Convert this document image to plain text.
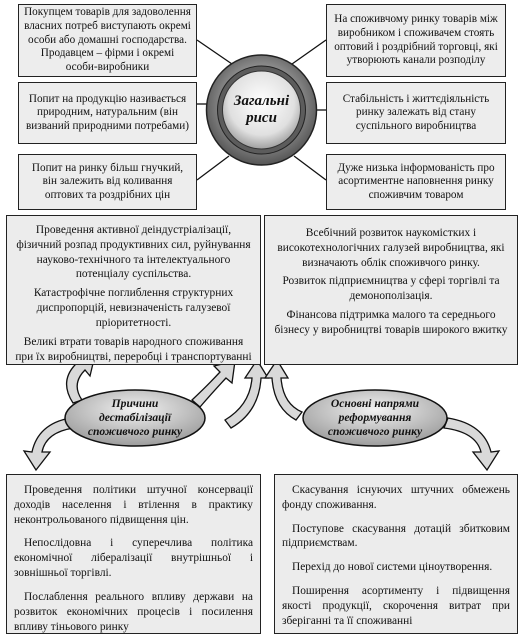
Загальні риси
Покупцем товарів для задоволення власних потреб виступають окремі особи або домашні господарства. Продавцем – фірми і окремі особи-виробники
Попит на продукцію називається природним, натуральним (він визваний природними потребами)
Попит на ринку більш гнучкий, він залежить від коливання оптових та роздрібних цін
На споживчому ринку товарів між виробником і споживачем стоять оптовий і роздрібний торговці, які утворюють канали розподілу
Стабільність і життєдіяльність ринку залежать від стану суспільного виробництва
Дуже низька інформованість про асортиментне наповнення ринку споживчим товаром

Проведення активної деіндустріалізації, фізичний розпад продуктивних сил, руйнування науково-технічного та інтелектуального потенціалу суспільства.

Катастрофічне поглиблення структурних диспропорцій, невизначеність галузевої пріоритетності.

Великі втрати товарів народного споживання при їх виробництві, переробці і транспортуванні

Всебічний розвиток наукомістких і високотехнологічних галузей виробництва, які визначають облік споживчого ринку.

Розвиток підприємництва у сфері торгівлі та демонополізація.

Фінансова підтримка малого та середнього бізнесу у виробництві товарів широкого вжитку

Причини дестабілізації споживчого ринку
Основні напрями реформування споживчого ринку

Проведення політики штучної консервації доходів населення і втілення в практику неконтрольованого підвищення цін.

Непослідовна і суперечлива політика економічної лібералізації внутрішньої і зовнішньої торгівлі.

Послаблення реального впливу держави на розвиток економічних процесів і посилення впливу тіньового ринку

Скасування існуючих штучних обмежень фонду споживання.

Поступове скасування дотацій збитковим підприємствам.

Перехід до нової системи ціноутворення.

Поширення асортименту і підвищення якості продукції, скорочення витрат при зберіганні та її споживанні
